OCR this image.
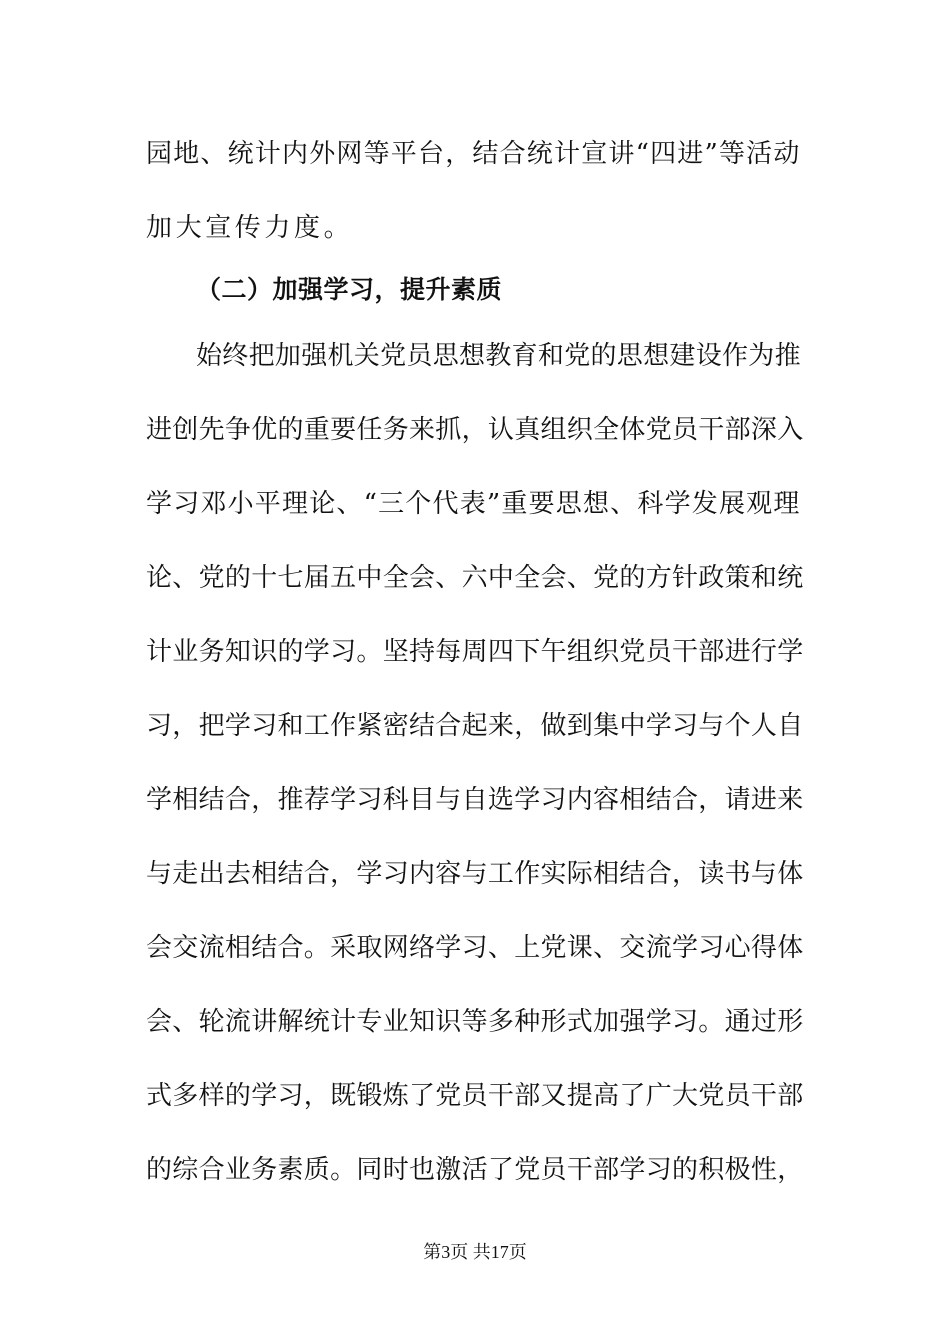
园地、统计内外网等平台，结合统计宣讲“四进”等活动
加大宣传力度。
（二）加强学习，提升素质
始终把加强机关党员思想教育和党的思想建设作为推
进创先争优的重要任务来抓，认真组织全体党员干部深入
学习邓小平理论、“三个代表”重要思想、科学发展观理
论、党的十七届五中全会、六中全会、党的方针政策和统
计业务知识的学习。坚持每周四下午组织党员干部进行学
习，把学习和工作紧密结合起来，做到集中学习与个人自
学相结合，推荐学习科目与自选学习内容相结合，请进来
与走出去相结合，学习内容与工作实际相结合，读书与体
会交流相结合。采取网络学习、上党课、交流学习心得体
会、轮流讲解统计专业知识等多种形式加强学习。通过形
式多样的学习，既锻炼了党员干部又提高了广大党员干部
的综合业务素质。同时也激活了党员干部学习的积极性，
第3页 共17页
